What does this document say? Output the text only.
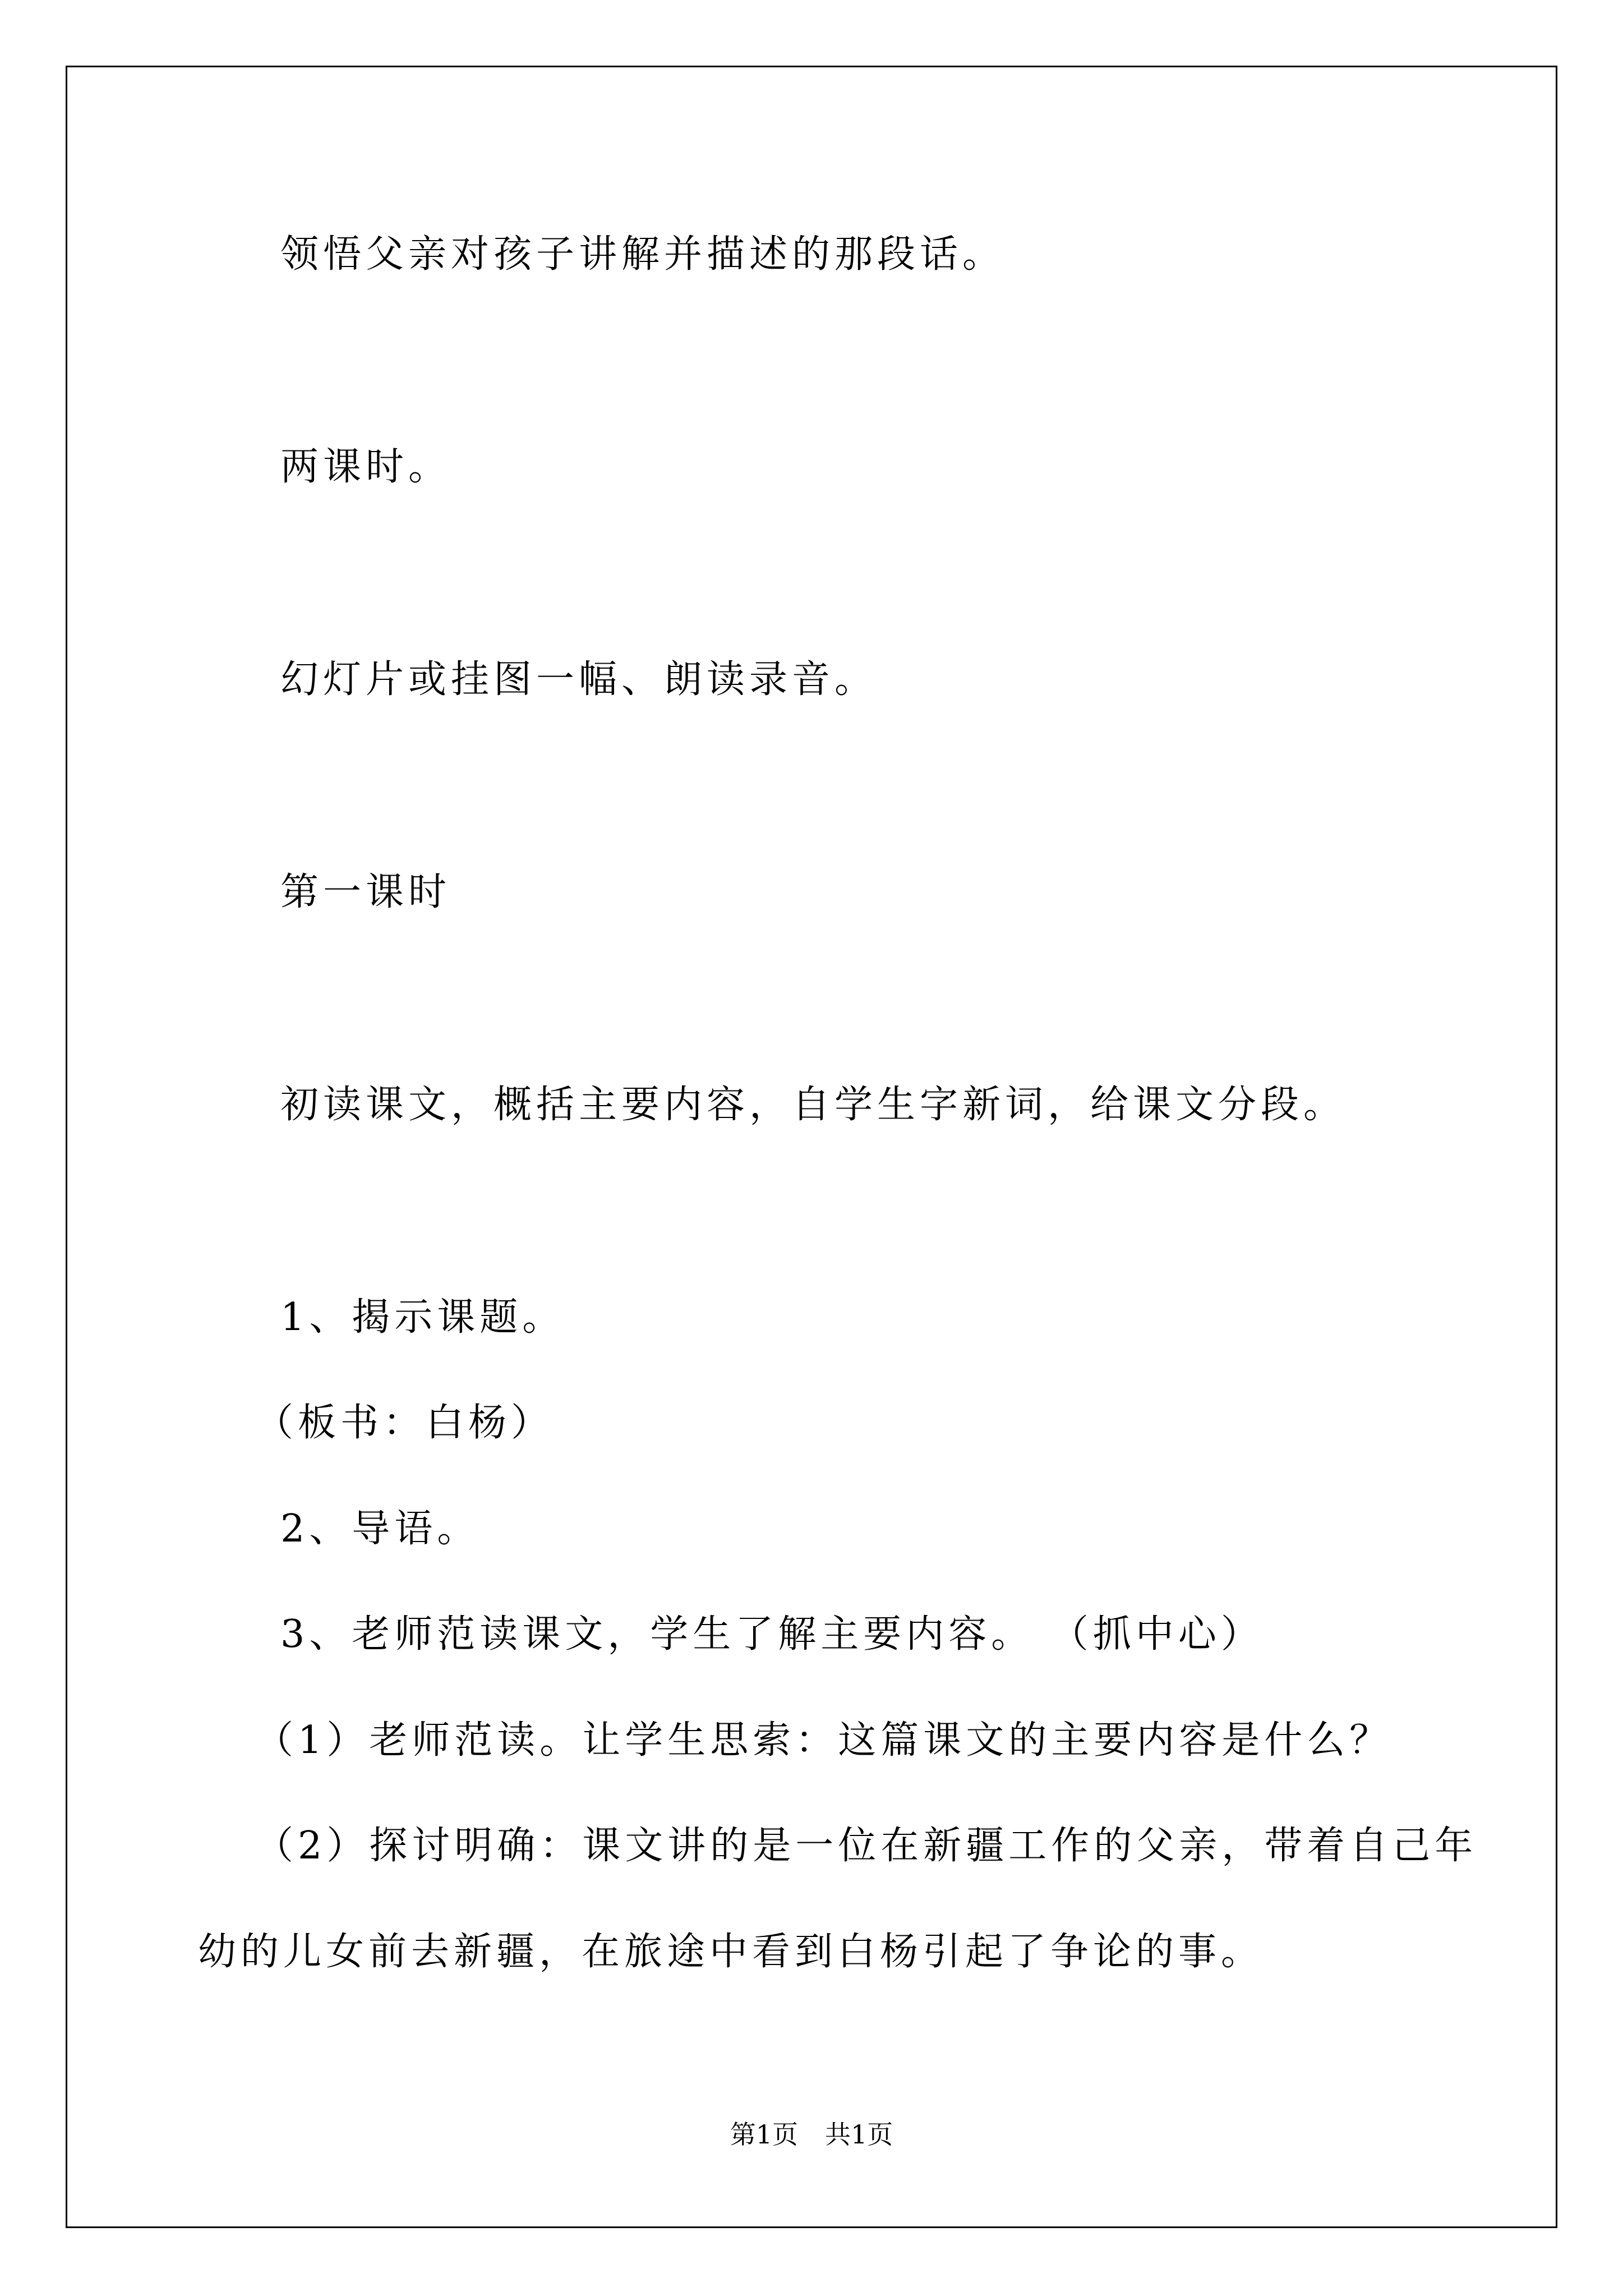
领悟父亲对孩子讲解并描述的那段话。
两课时。
幻灯片或挂图一幅、朗读录音。
第一课时
初读课文，概括主要内容，自学生字新词，给课文分段。
1、揭示课题。
（板书：白杨）
2、导语。
3、老师范读课文，学生了解主要内容。 （抓中心）
（1）老师范读。让学生思索：这篇课文的主要内容是什么？
（2）探讨明确：课文讲的是一位在新疆工作的父亲，带着自己年
幼的儿女前去新疆，在旅途中看到白杨引起了争论的事。
第1页 共1页
